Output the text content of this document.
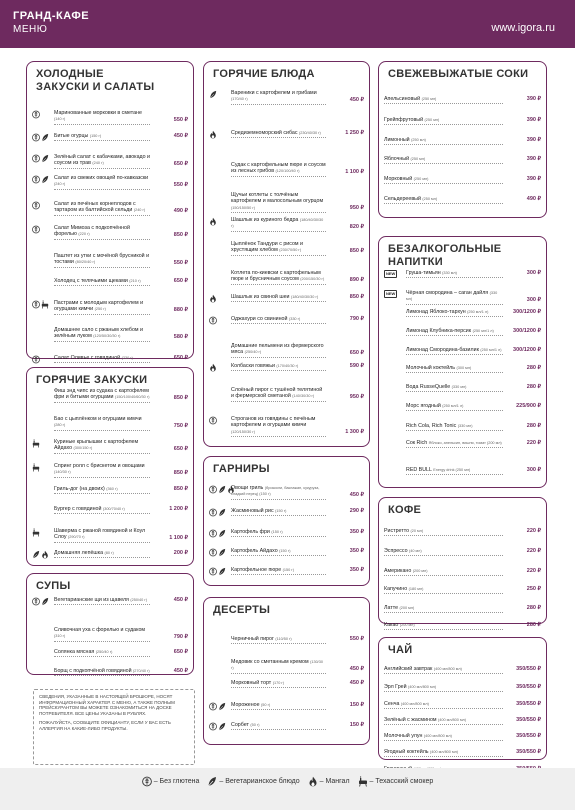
ГРАНД-КАФЕ
МЕНЮ	www.igora.ru
ХОЛОДНЫЕ ЗАКУСКИ И САЛАТЫ
Маринованные морковки в сметане (140 г)	550 ₽
Битые огурцы (150 г)	450 ₽
Зелёный салат с кабачками, авокадо и соусом из трав (240 г)	650 ₽
Салат из свежих овощей по-кавказски (240 г)	550 ₽
Салат из печёных корнеплодов с тартаром из балтийской сельди (240 г)	490 ₽
Салат Мимоза с подкопчённой форелью (220 г)	850 ₽
Паштет из утки с мочёной брусникой и тостами (80/20/40 г)	550 ₽
Холодец с телячьими щеками (210 г)	650 ₽
Пастрами с молодым картофелем и огурцами кимчи (250 г)	880 ₽
Домашнее сало с ржаным хлебом и зелёным луком (120/50/30/30 г)	580 ₽
Салат Оливье с говядиной (230 г)	650 ₽
ГОРЯЧИЕ ЗАКУСКИ
Фиш энд чипс из судака с картофелем фри и битыми огурцами (150/100/40/60/30 г)	850 ₽
Бао с цыплёнком и огурцами кимчи (280 г)	750 ₽
Куриные крылышки с картофелем Айдахо (300/150 г)	650 ₽
Спринг ролл с брискетом и овощами (140/30 г)	850 ₽
Гриль-дог (на двоих) (360 г)	850 ₽
Бургер с говядиной (300/70/40 г)	1 200 ₽
Шаверма с ржаной говядиной и Коул Слоу (290/70 г)	1 100 ₽
Домашняя лепёшка (80 г)	200 ₽
СУПЫ
Вегетарианские щи из щавеля (250/40 г)	450 ₽
Сливочная уха с форелью и судаком (310 г)	790 ₽
Солянка мясная (250/40 г)	650 ₽
Борщ с подкопчёной говядиной (270/40 г)	450 ₽
ГОРЯЧИЕ БЛЮДА
Вареники с картофелем и грибами (170/40 г)	450 ₽
Средиземноморский сибас (230/40/30 г)	1 250 ₽
Судак с картофельным пюре и соусом из лесных грибов (120/100/40 г)	1 100 ₽
Щучьи котлеты с толчёным картофелем и малосольным огурцом (150/150/50 г)	950 ₽
Шашлык из куриного бедра (180/40/30/30 г)	820 ₽
Цыплёнок Тандури с рисом и хрустящим хлебом (230/70/50 г)	850 ₽
Котлета по-киевски с картофельным пюре и брусничным соусом (200/150/30 г)	890 ₽
Шашлык из свиной шеи (180/40/30/30 г)	850 ₽
Оджахури со свининой (330 г)	790 ₽
Домашние пельмени из фермерского мяса (250/40 г)	650 ₽
Колбаски говяжьи (170/40/30 г)	590 ₽
Слоёный пирог с тушёной телятиной и фермерской сметаной (140/30/30 г)	950 ₽
Строганов из говядины с печёным картофелем и огурцами кимчи (120/150/30 г)	1 300 ₽
ГАРНИРЫ
Овощи гриль (брокколи, баклажан, кукуруза, сладкий перец) (150 г)	450 ₽
Жасминовый рис (150 г)	290 ₽
Картофель фри (150 г)	350 ₽
Картофель Айдахо (150 г)	350 ₽
Картофельное пюре (150 г)	350 ₽
ДЕСЕРТЫ
Черничный пирог (110/50 г)	550 ₽
Медовик со сметанным кремом (130/30 г)	450 ₽
Морковный торт (170 г)	450 ₽
Мороженое (50 г)	150 ₽
Сорбет (50 г)	150 ₽
СВЕЖЕВЫЖАТЫЕ СОКИ
Апельсиновый (250 мл)	390 ₽
Грейпфрутовый (250 мл)	390 ₽
Лимонный (250 мл)	390 ₽
Яблочный (250 мл)	390 ₽
Морковный (250 мл)	390 ₽
Сельдереевый (250 мл)	490 ₽
БЕЗАЛКОГОЛЬНЫЕ НАПИТКИ
NEW	Груша-тимьян (330 мл)	300 ₽
NEW	Чёрная смородина – саган дайля (330 мл)	300 ₽
Лимонад Яблоко-тархун (250 мл/1 л)	300/1200 ₽
Лимонад Клубника-персик (250 мл/1 л)	300/1200 ₽
Лимонад Смородина-базилик (250 мл/1 л) 300/1200 ₽
Молочный коктейль (300 мл)	280 ₽
Вода RusseQuelle (330 мл)	280 ₽
Морс ягодный (250 мл/1 л)	225/900 ₽
Rich Cola, Rich Tonic (330 мл)	280 ₽
Сок Rich Яблоко, апельсин, вишня, томат (200 мл)	220 ₽
RED BULL Energy drink (250 мл)	300 ₽
КОФЕ
Ристретто (20 мл)	220 ₽
Эспрессо (40 мл)	220 ₽
Американо (200 мл)	220 ₽
Капучино (180 мл)	250 ₽
Латте (200 мл)	280 ₽
Какао (200 мл)	280 ₽
ЧАЙ
Английский завтрак (400 мл/800 мл)	350/550 ₽
Эрл Грей (400 мл/800 мл)	350/550 ₽
Сенча (400 мл/800 мл)	350/550 ₽
Зелёный с жасмином (400 мл/800 мл)	350/550 ₽
Молочный улун (400 мл/800 мл)	350/550 ₽
Ягодный коктейль (400 мл/800 мл)	350/550 ₽

СВЕДЕНИЯ, УКАЗАННЫЕ В НАСТОЯЩЕЙ БРОШЮРЕ, НОСЯТ ИНФОРМАЦИОННЫЙ ХАРАКТЕР. С МЕНЮ, А ТАКЖЕ ПОЛНЫМ ПРЕЙСКУРАНТОМ ВЫ МОЖЕТЕ ОЗНАКОМИТЬСЯ НА ДОСКЕ ПОТРЕБИТЕЛЯ. ВСЕ ЦЕНЫ УКАЗАНЫ В РУБЛЯХ.

ПОЖАЛУЙСТА, СООБЩИТЕ ОФИЦИАНТУ, ЕСЛИ У ВАС ЕСТЬ АЛЛЕРГИЯ НА КАКИЕ-ЛИБО ПРОДУКТЫ.

– Без глютена	– Вегетарианское блюдо	– Мангал	– Техасский смокер
